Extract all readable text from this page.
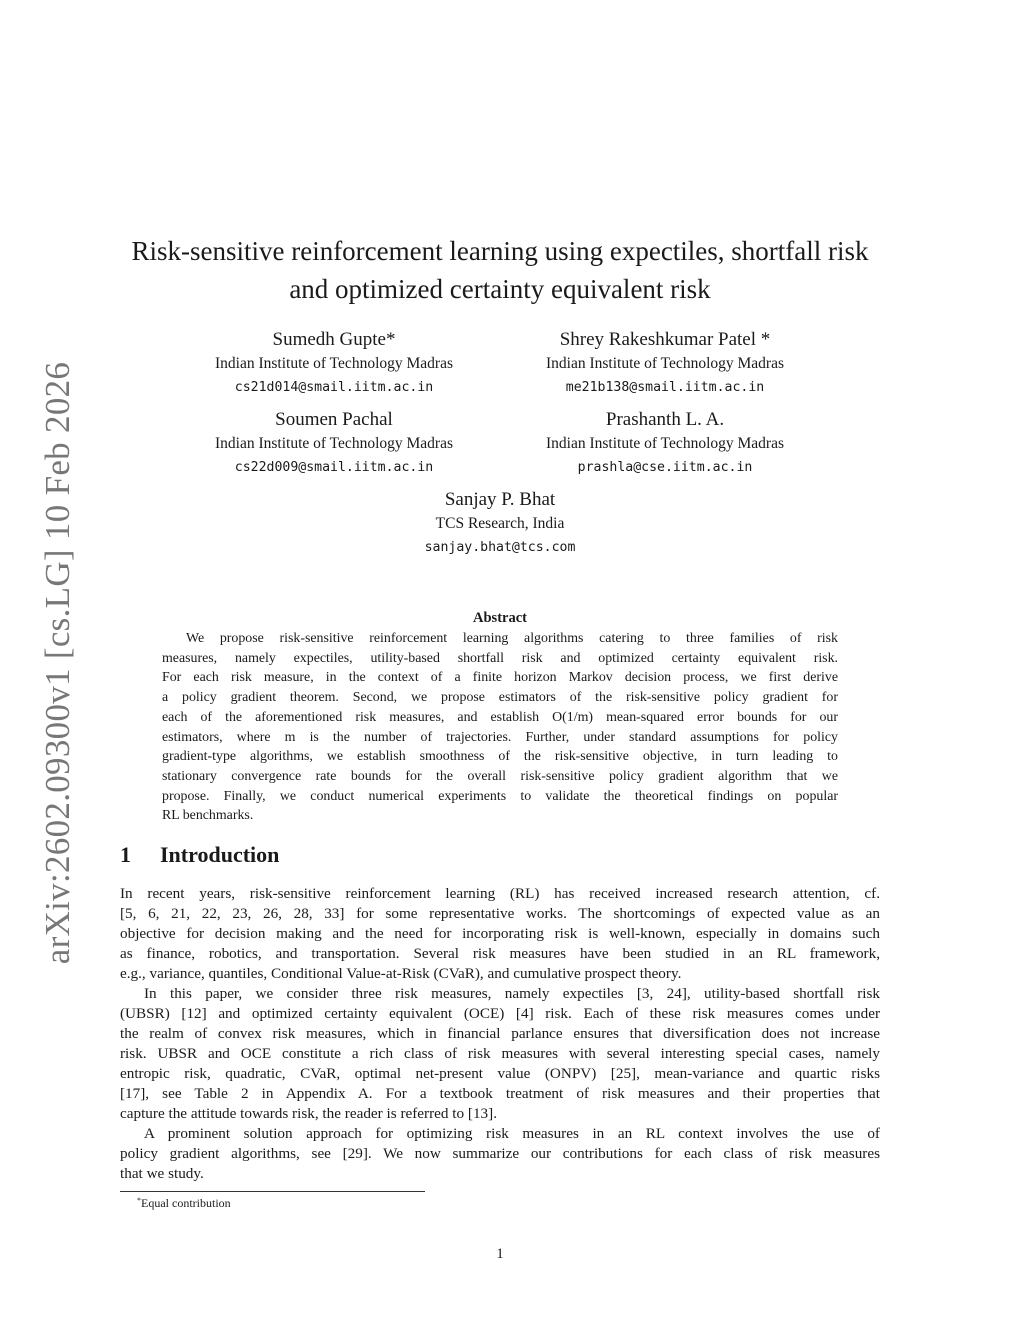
arXiv:2602.09300v1 [cs.LG] 10 Feb 2026
Risk-sensitive reinforcement learning using expectiles, shortfall risk
and optimized certainty equivalent risk
Sumedh Gupte*
Indian Institute of Technology Madras
cs21d014@smail.iitm.ac.in
Shrey Rakeshkumar Patel *
Indian Institute of Technology Madras
me21b138@smail.iitm.ac.in
Soumen Pachal
Indian Institute of Technology Madras
cs22d009@smail.iitm.ac.in
Prashanth L. A.
Indian Institute of Technology Madras
prashla@cse.iitm.ac.in
Sanjay P. Bhat
TCS Research, India
sanjay.bhat@tcs.com
Abstract
We propose risk-sensitive reinforcement learning algorithms catering to three families of risk
measures, namely expectiles, utility-based shortfall risk and optimized certainty equivalent risk.
For each risk measure, in the context of a finite horizon Markov decision process, we first derive
a policy gradient theorem. Second, we propose estimators of the risk-sensitive policy gradient for
each of the aforementioned risk measures, and establish O(1/m) mean-squared error bounds for our
estimators, where m is the number of trajectories. Further, under standard assumptions for policy
gradient-type algorithms, we establish smoothness of the risk-sensitive objective, in turn leading to
stationary convergence rate bounds for the overall risk-sensitive policy gradient algorithm that we
propose. Finally, we conduct numerical experiments to validate the theoretical findings on popular
RL benchmarks.
1 Introduction
In recent years, risk-sensitive reinforcement learning (RL) has received increased research attention, cf.
[5, 6, 21, 22, 23, 26, 28, 33] for some representative works. The shortcomings of expected value as an
objective for decision making and the need for incorporating risk is well-known, especially in domains such
as finance, robotics, and transportation. Several risk measures have been studied in an RL framework,
e.g., variance, quantiles, Conditional Value-at-Risk (CVaR), and cumulative prospect theory.
In this paper, we consider three risk measures, namely expectiles [3, 24], utility-based shortfall risk
(UBSR) [12] and optimized certainty equivalent (OCE) [4] risk. Each of these risk measures comes under
the realm of convex risk measures, which in financial parlance ensures that diversification does not increase
risk. UBSR and OCE constitute a rich class of risk measures with several interesting special cases, namely
entropic risk, quadratic, CVaR, optimal net-present value (ONPV) [25], mean-variance and quartic risks
[17], see Table 2 in Appendix A. For a textbook treatment of risk measures and their properties that
capture the attitude towards risk, the reader is referred to [13].
A prominent solution approach for optimizing risk measures in an RL context involves the use of
policy gradient algorithms, see [29]. We now summarize our contributions for each class of risk measures
that we study.
*Equal contribution
1
